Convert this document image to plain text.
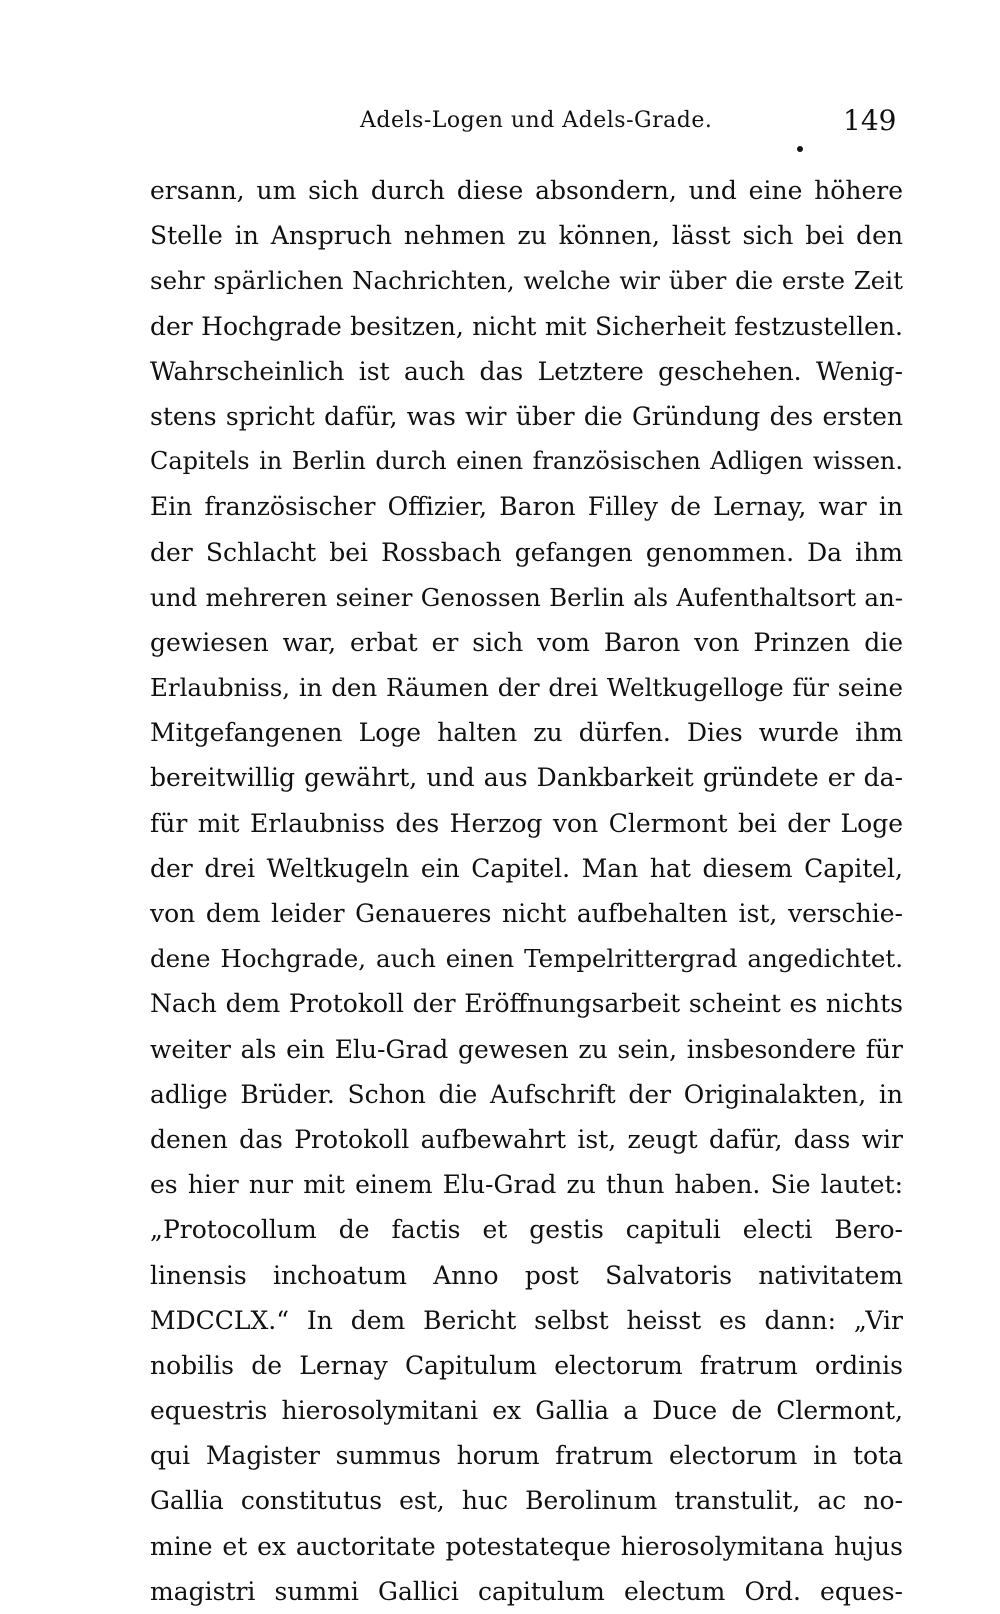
Adels-Logen und Adels-Grade.	149
ersann, um sich durch diese absondern, und eine höhere
Stelle in Anspruch nehmen zu können, lässt sich bei den
sehr spärlichen Nachrichten, welche wir über die erste Zeit
der Hochgrade besitzen, nicht mit Sicherheit festzustellen.
Wahrscheinlich ist auch das Letztere geschehen. Wenig-
stens spricht dafür, was wir über die Gründung des ersten
Capitels in Berlin durch einen französischen Adligen wissen.
Ein französischer Offizier, Baron Filley de Lernay, war in
der Schlacht bei Rossbach gefangen genommen. Da ihm
und mehreren seiner Genossen Berlin als Aufenthaltsort an-
gewiesen war, erbat er sich vom Baron von Prinzen die
Erlaubniss, in den Räumen der drei Weltkugelloge für seine
Mitgefangenen Loge halten zu dürfen. Dies wurde ihm
bereitwillig gewährt, und aus Dankbarkeit gründete er da-
für mit Erlaubniss des Herzog von Clermont bei der Loge
der drei Weltkugeln ein Capitel. Man hat diesem Capitel,
von dem leider Genaueres nicht aufbehalten ist, verschie-
dene Hochgrade, auch einen Tempelrittergrad angedichtet.
Nach dem Protokoll der Eröffnungsarbeit scheint es nichts
weiter als ein Elu-Grad gewesen zu sein, insbesondere für
adlige Brüder. Schon die Aufschrift der Originalakten, in
denen das Protokoll aufbewahrt ist, zeugt dafür, dass wir
es hier nur mit einem Elu-Grad zu thun haben. Sie lautet:
„Protocollum de factis et gestis capituli electi Bero-
linensis inchoatum Anno post Salvatoris nativitatem
MDCCLX.“ In dem Bericht selbst heisst es dann: „Vir
nobilis de Lernay Capitulum electorum fratrum ordinis
equestris hierosolymitani ex Gallia a Duce de Clermont,
qui Magister summus horum fratrum electorum in tota
Gallia constitutus est, huc Berolinum transtulit, ac no-
mine et ex auctoritate potestateque hierosolymitana hujus
magistri summi Gallici capitulum electum Ord. eques-
